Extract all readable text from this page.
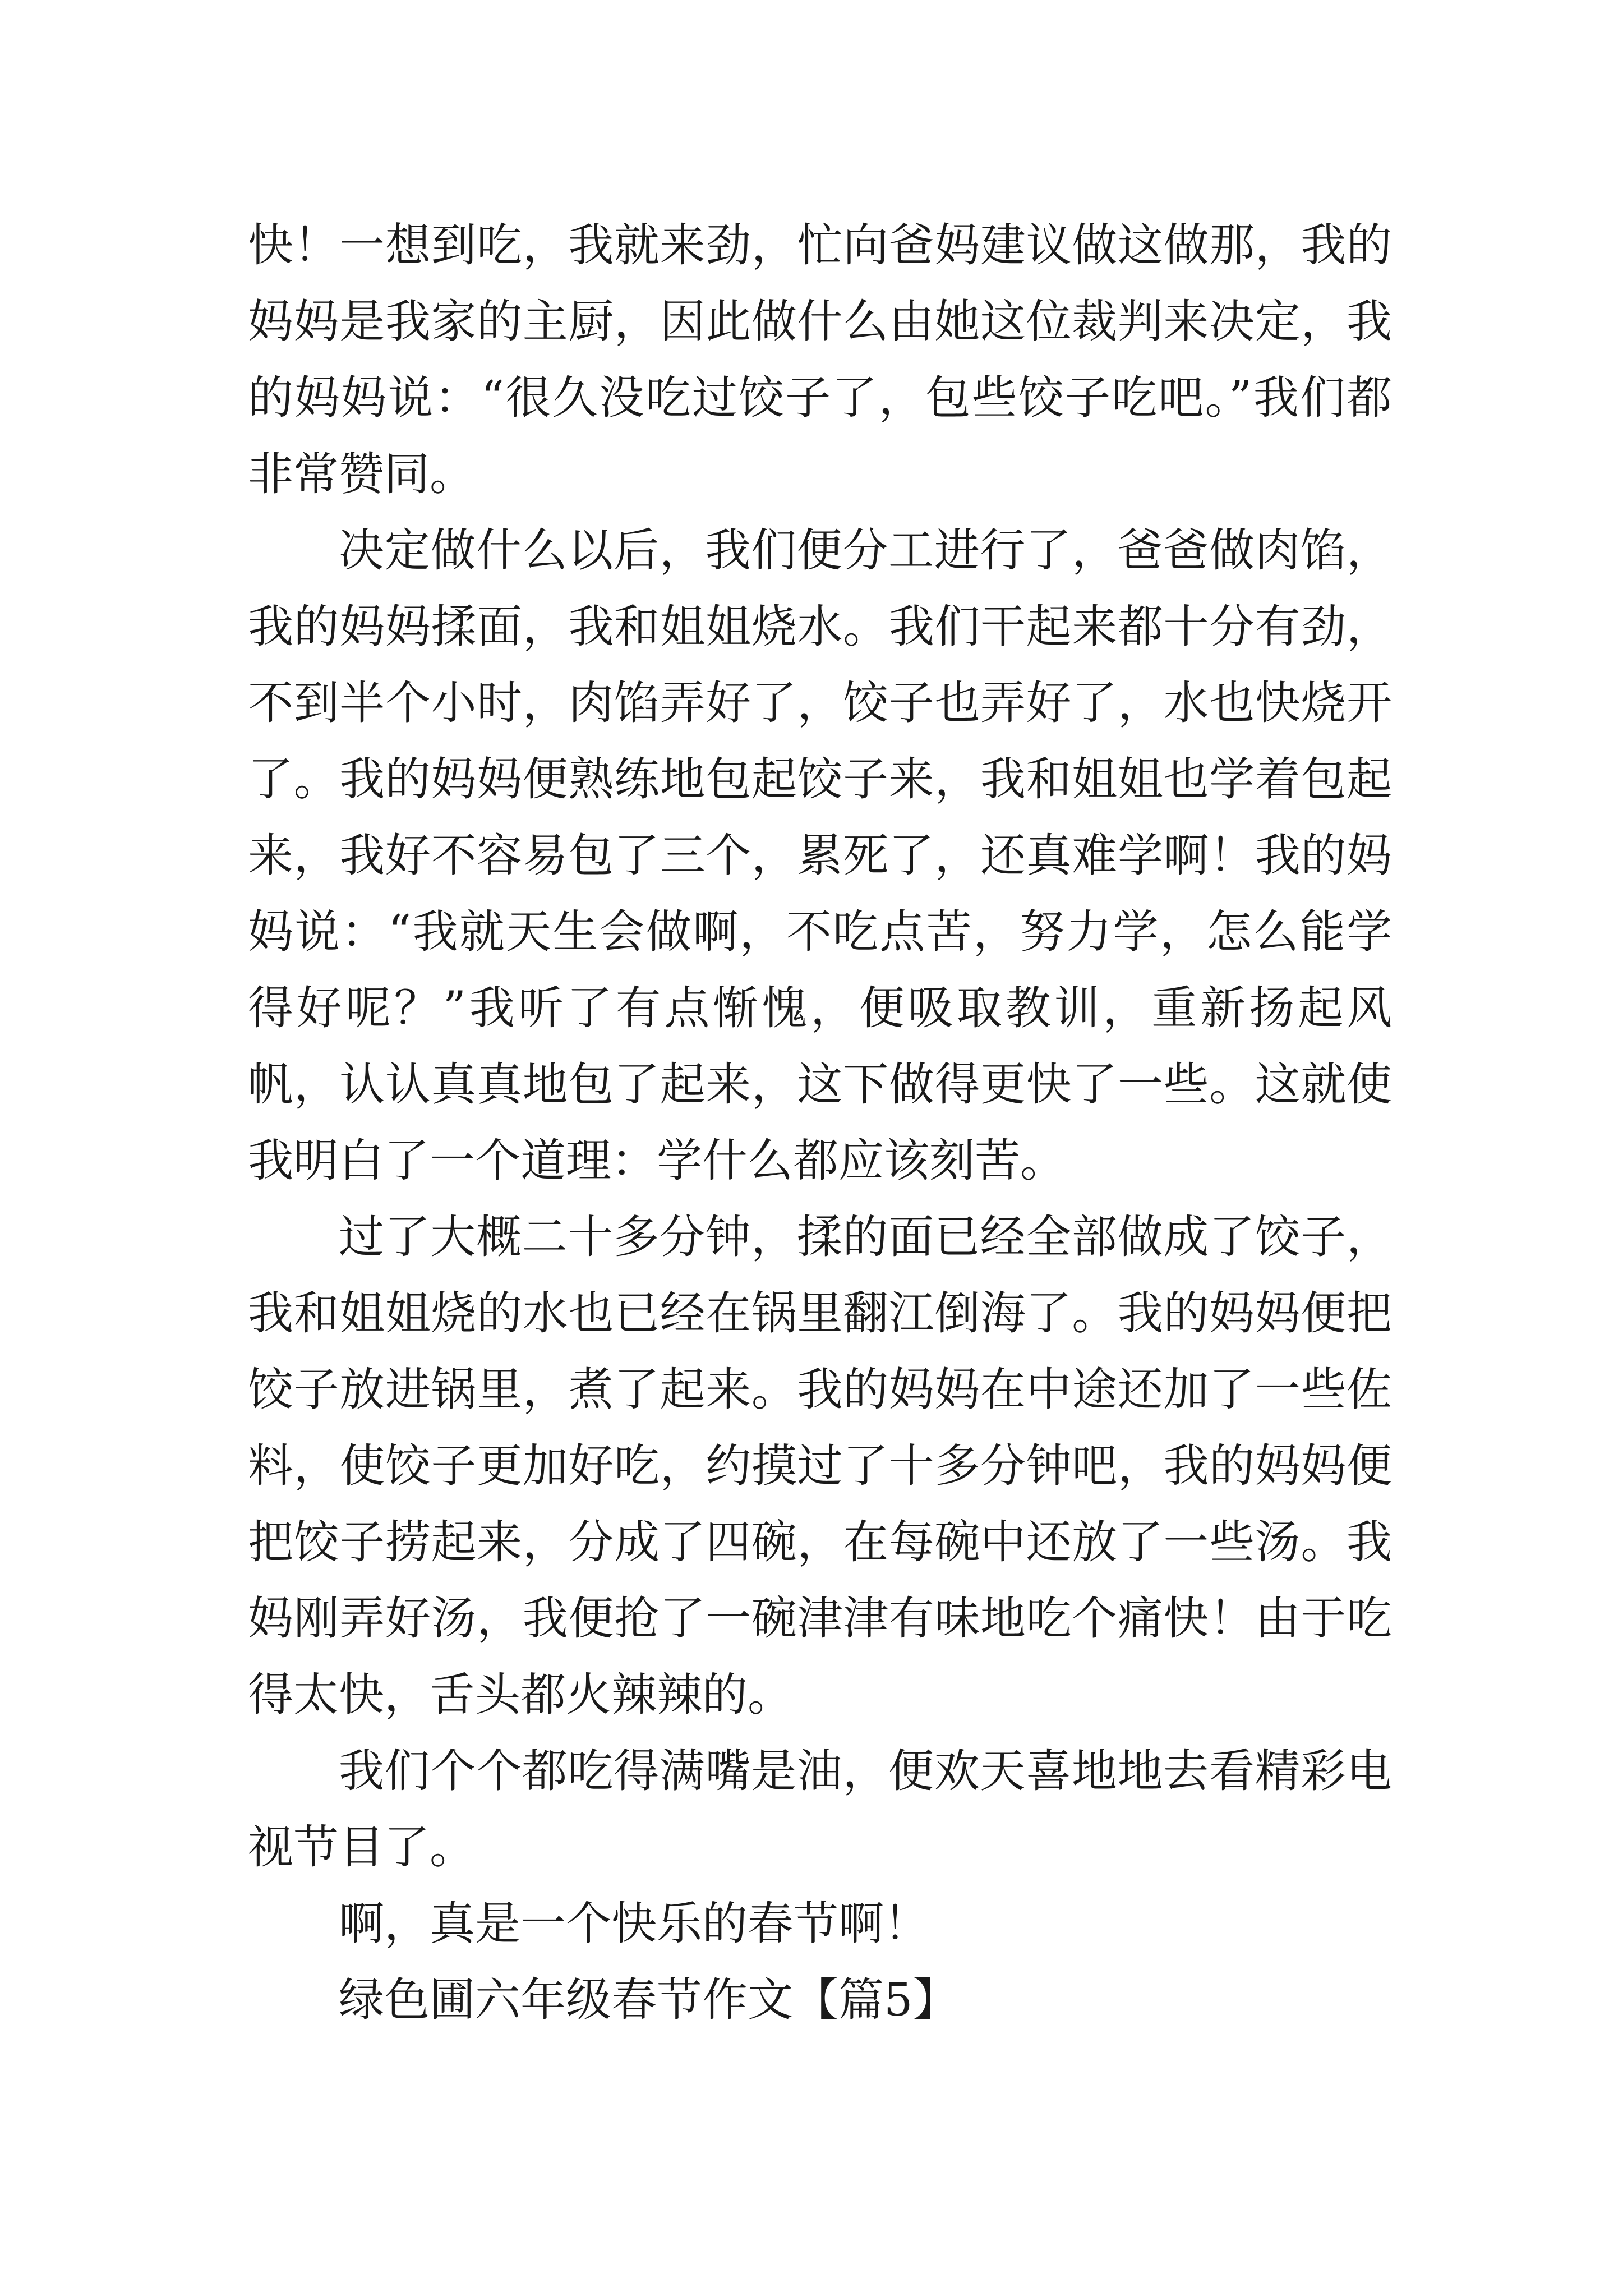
快！一想到吃，我就来劲，忙向爸妈建议做这做那，我的妈妈是我家的主厨，因此做什么由她这位裁判来决定，我的妈妈说：“很久没吃过饺子了，包些饺子吃吧。”我们都非常赞同。

决定做什么以后，我们便分工进行了，爸爸做肉馅，我的妈妈揉面，我和姐姐烧水。我们干起来都十分有劲，不到半个小时，肉馅弄好了，饺子也弄好了，水也快烧开了。我的妈妈便熟练地包起饺子来，我和姐姐也学着包起来，我好不容易包了三个，累死了，还真难学啊！我的妈妈说：“我就天生会做啊，不吃点苦，努力学，怎么能学得好呢？”我听了有点惭愧，便吸取教训，重新扬起风帆，认认真真地包了起来，这下做得更快了一些。这就使我明白了一个道理：学什么都应该刻苦。

过了大概二十多分钟，揉的面已经全部做成了饺子，我和姐姐烧的水也已经在锅里翻江倒海了。我的妈妈便把饺子放进锅里，煮了起来。我的妈妈在中途还加了一些佐料，使饺子更加好吃，约摸过了十多分钟吧，我的妈妈便把饺子捞起来，分成了四碗，在每碗中还放了一些汤。我妈刚弄好汤，我便抢了一碗津津有味地吃个痛快！由于吃得太快，舌头都火辣辣的。

我们个个都吃得满嘴是油，便欢天喜地地去看精彩电视节目了。

啊，真是一个快乐的春节啊！

绿色圃六年级春节作文【篇5】
